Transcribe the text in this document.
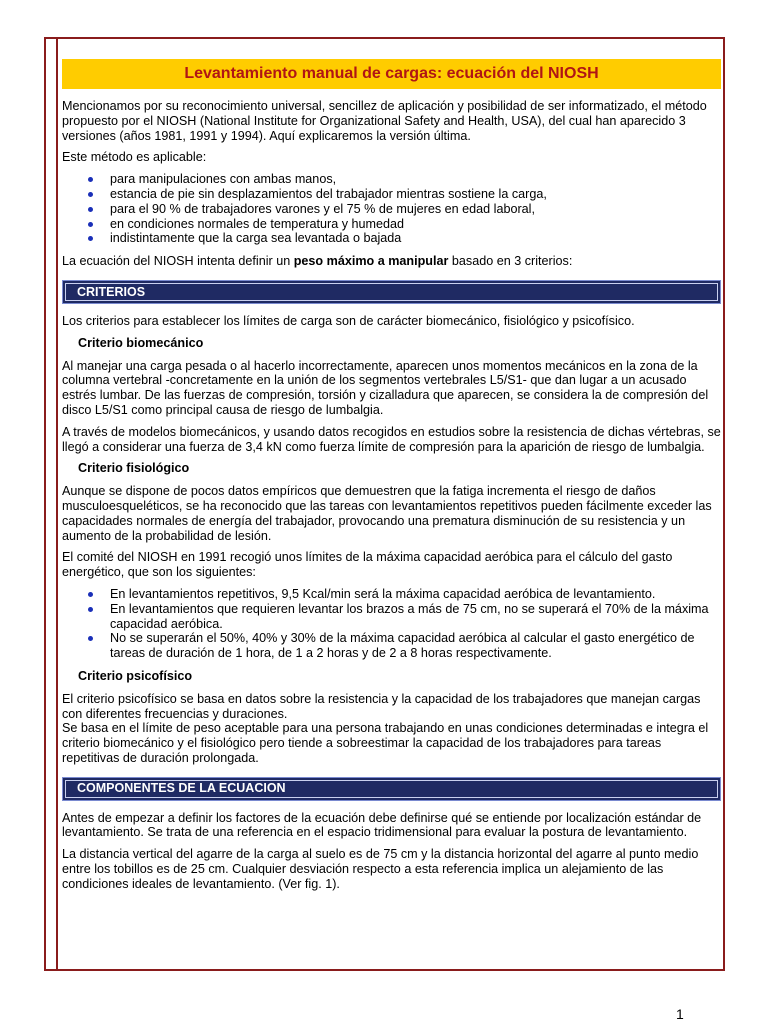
Levantamiento manual de cargas: ecuación del NIOSH

Mencionamos por su reconocimiento universal, sencillez de aplicación y posibilidad de ser informatizado, el método propuesto por el NIOSH (National Institute for Organizational Safety and Health, USA), del cual han aparecido 3 versiones (años 1981, 1991 y 1994). Aquí explicaremos la versión última.

Este método es aplicable:

para manipulaciones con ambas manos,
estancia de pie sin desplazamientos del trabajador mientras sostiene la carga,
para el 90 % de trabajadores varones y el 75 % de mujeres en edad laboral,
en condiciones normales de temperatura y humedad
indistintamente que la carga sea levantada o bajada

La ecuación del NIOSH intenta definir un peso máximo a manipular basado en 3 criterios:

CRITERIOS

Los criterios para establecer los límites de carga son de carácter biomecánico, fisiológico y psicofísico.

Criterio biomecánico

Al manejar una carga pesada o al hacerlo incorrectamente, aparecen unos momentos mecánicos en la zona de la columna vertebral -concretamente en la unión de los segmentos vertebrales L5/S1- que dan lugar a un acusado estrés lumbar. De las fuerzas de compresión, torsión y cizalladura que aparecen, se considera la de compresión del disco L5/S1 como principal causa de riesgo de lumbalgia.

A través de modelos biomecánicos, y usando datos recogidos en estudios sobre la resistencia de dichas vértebras, se llegó a considerar una fuerza de 3,4 kN como fuerza límite de compresión para la aparición de riesgo de lumbalgia.

Criterio fisiológico

Aunque se dispone de pocos datos empíricos que demuestren que la fatiga incrementa el riesgo de daños musculoesqueléticos, se ha reconocido que las tareas con levantamientos repetitivos pueden fácilmente exceder las capacidades normales de energía del trabajador, provocando una prematura disminución de su resistencia y un aumento de la probabilidad de lesión.

El comité del NIOSH en 1991 recogió unos límites de la máxima capacidad aeróbica para el cálculo del gasto energético, que son los siguientes:

En levantamientos repetitivos, 9,5 Kcal/min será la máxima capacidad aeróbica de levantamiento.
En levantamientos que requieren levantar los brazos a más de 75 cm, no se superará el 70% de la máxima capacidad aeróbica.
No se superarán el 50%, 40% y 30% de la máxima capacidad aeróbica al calcular el gasto energético de tareas de duración de 1 hora, de 1 a 2 horas y de 2 a 8 horas respectivamente.
Criterio psicofísico

El criterio psicofísico se basa en datos sobre la resistencia y la capacidad de los trabajadores que manejan cargas con diferentes frecuencias y duraciones.
Se basa en el límite de peso aceptable para una persona trabajando en unas condiciones determinadas e integra el criterio biomecánico y el fisiológico pero tiende a sobreestimar la capacidad de los trabajadores para tareas repetitivas de duración prolongada.

COMPONENTES DE LA ECUACION

Antes de empezar a definir los factores de la ecuación debe definirse qué se entiende por localización estándar de levantamiento. Se trata de una referencia en el espacio tridimensional para evaluar la postura de levantamiento.

La distancia vertical del agarre de la carga al suelo es de 75 cm y la distancia horizontal del agarre al punto medio entre los tobillos es de 25 cm. Cualquier desviación respecto a esta referencia implica un alejamiento de las condiciones ideales de levantamiento. (Ver fig. 1).

1
